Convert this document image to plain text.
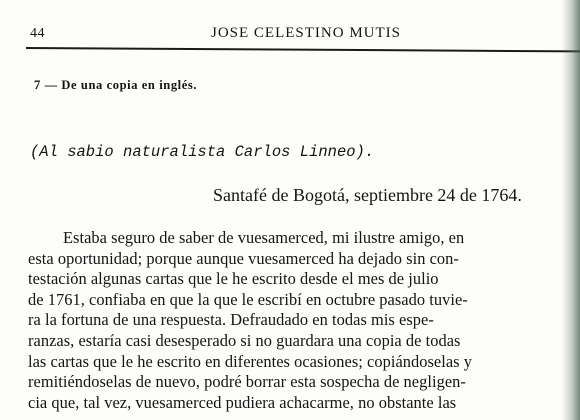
44	JOSE CELESTINO MUTIS
7 — De una copia en inglés.
(Al sabio naturalista Carlos Linneo).
Santafé de Bogotá, septiembre 24 de 1764.
Estaba seguro de saber de vuesamerced, mi ilustre amigo, en
esta oportunidad; porque aunque vuesamerced ha dejado sin con-
testación algunas cartas que le he escrito desde el mes de julio
de 1761, confiaba en que la que le escribí en octubre pasado tuvie-
ra la fortuna de una respuesta. Defraudado en todas mis espe-
ranzas, estaría casi desesperado si no guardara una copia de todas
las cartas que le he escrito en diferentes ocasiones; copiándoselas y
remitiéndoselas de nuevo, podré borrar esta sospecha de negligen-
cia que, tal vez, vuesamerced pudiera achacarme, no obstante las
